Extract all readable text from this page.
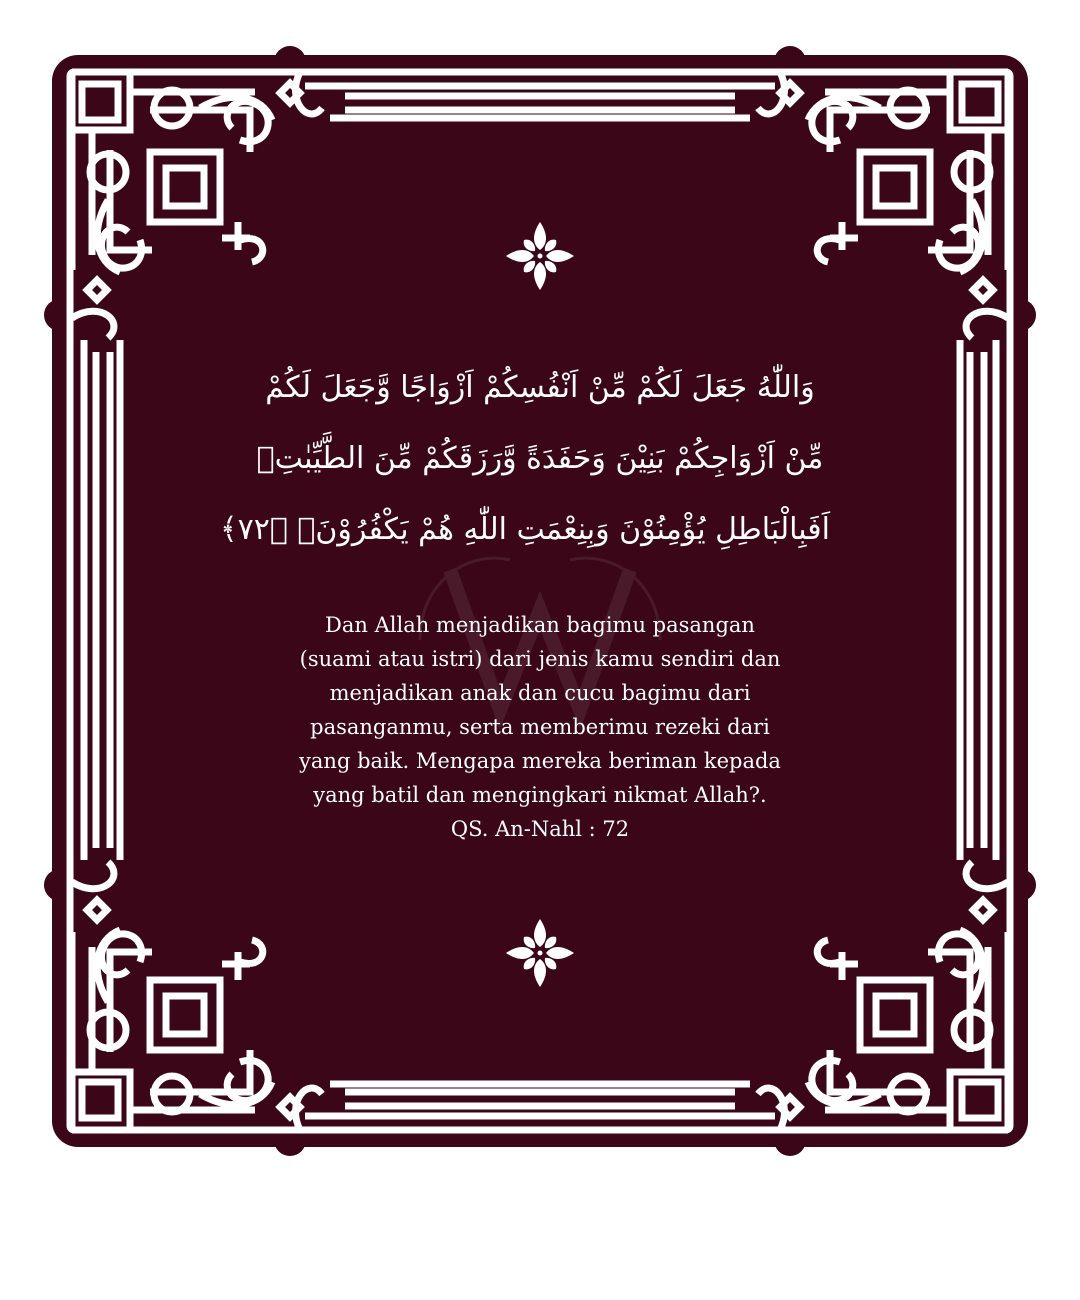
وَاللّٰهُ جَعَلَ لَكُمْ مِّنْ اَنْفُسِكُمْ اَزْوَاجًا وَّجَعَلَ لَكُمْ
مِّنْ اَزْوَاجِكُمْ بَنِيْنَ وَحَفَدَةً وَّرَزَقَكُمْ مِّنَ الطَّيِّبٰتِۗ
اَفَبِالْبَاطِلِ يُؤْمِنُوْنَ وَبِنِعْمَتِ اللّٰهِ هُمْ يَكْفُرُوْنَۙ ﴿٧٢﴾
Dan Allah menjadikan bagimu pasangan
(suami atau istri) dari jenis kamu sendiri dan
menjadikan anak dan cucu bagimu dari
pasanganmu, serta memberimu rezeki dari
yang baik. Mengapa mereka beriman kepada
yang batil dan mengingkari nikmat Allah?.
QS. An-Nahl : 72
